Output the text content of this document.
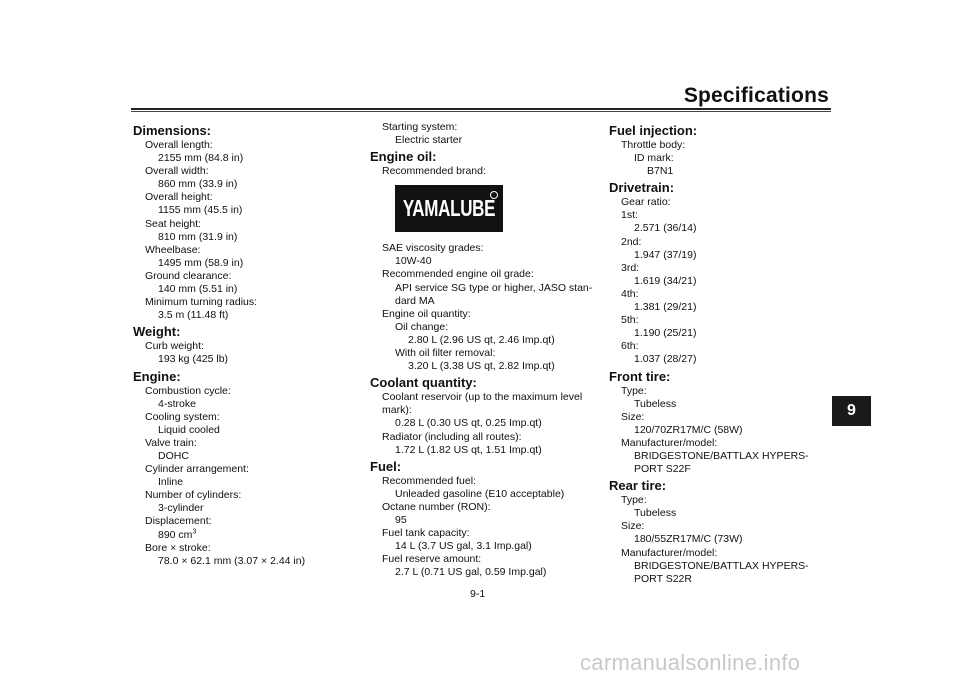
Specifications
Dimensions:
Overall length:
2155 mm (84.8 in)
Overall width:
860 mm (33.9 in)
Overall height:
1155 mm (45.5 in)
Seat height:
810 mm (31.9 in)
Wheelbase:
1495 mm (58.9 in)
Ground clearance:
140 mm (5.51 in)
Minimum turning radius:
3.5 m (11.48 ft)
Weight:
Curb weight:
193 kg (425 lb)
Engine:
Combustion cycle:
4-stroke
Cooling system:
Liquid cooled
Valve train:
DOHC
Cylinder arrangement:
Inline
Number of cylinders:
3-cylinder
Displacement:
890 $cm^3$
Bore × stroke:
78.0 × 62.1 mm (3.07 × 2.44 in)
Starting system:
Electric starter
Engine oil:
Recommended brand:
YAMALUBE
SAE viscosity grades:
10W-40
Recommended engine oil grade:
API service SG type or higher, JASO stan-
dard MA
Engine oil quantity:
Oil change:
2.80 L (2.96 US qt, 2.46 Imp.qt)
With oil filter removal:
3.20 L (3.38 US qt, 2.82 Imp.qt)
Coolant quantity:
Coolant reservoir (up to the maximum level
mark):
0.28 L (0.30 US qt, 0.25 Imp.qt)
Radiator (including all routes):
1.72 L (1.82 US qt, 1.51 Imp.qt)
Fuel:
Recommended fuel:
Unleaded gasoline (E10 acceptable)
Octane number (RON):
95
Fuel tank capacity:
14 L (3.7 US gal, 3.1 Imp.gal)
Fuel reserve amount:
2.7 L (0.71 US gal, 0.59 Imp.gal)
Fuel injection:
Throttle body:
ID mark:
B7N1
Drivetrain:
Gear ratio:
1st:
2.571 (36/14)
2nd:
1.947 (37/19)
3rd:
1.619 (34/21)
4th:
1.381 (29/21)
5th:
1.190 (25/21)
6th:
1.037 (28/27)
Front tire:
Type:
Tubeless
Size:
120/70ZR17M/C (58W)
Manufacturer/model:
BRIDGESTONE/BATTLAX HYPERS-
PORT S22F
Rear tire:
Type:
Tubeless
Size:
180/55ZR17M/C (73W)
Manufacturer/model:
BRIDGESTONE/BATTLAX HYPERS-
PORT S22R
9-1
9
carmanualsonline.info
